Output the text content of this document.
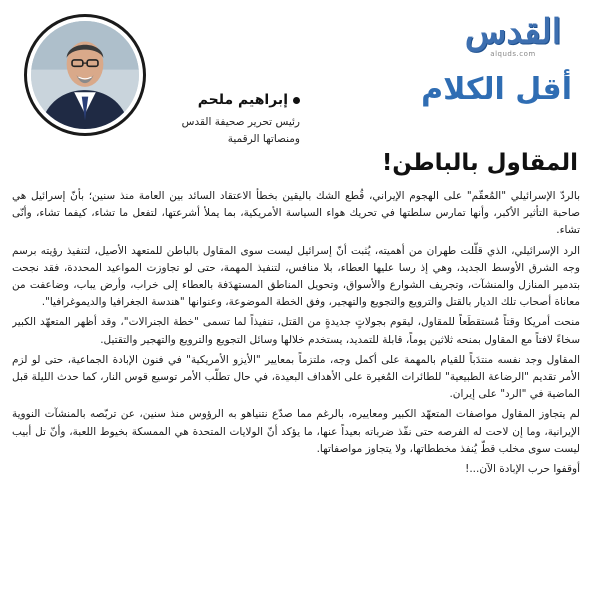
إبراهيم ملحم
رئيس تحرير صحيفة القدس ومنصاتها الرقمية
القدس
alquds.com
أقل الكلام
المقاول بالباطن!

بالردّ الإسرائيلي "المُعقّم" على الهجوم الإيراني، قُطع الشك باليقين بخطأ الاعتقاد السائد بين العامة منذ سنين؛ بأنّ إسرائيل هي صاحبة التأثير الأكبر، وأنها تمارس سلطتها في تحريك هواء السياسة الأمريكية، بما يملأ أشرعتها، لتفعل ما تشاء، كيفما تشاء، وأنّى تشاء.

الرد الإسرائيلي، الذي قلّلت طهران من أهميته، يُثبت أنّ إسرائيل ليست سوى المقاول بالباطن للمتعهد الأصيل، لتنفيذ رؤيته برسم وجه الشرق الأوسط الجديد، وهي إذ رسا عليها العطاء، بلا منافس، لتنفيذ المهمة، حتى لو تجاوزت المواعيد المحددة، فقد نجحت بتدمير المنازل والمنشآت، وتجريف الشوارع والأسواق، وتحويل المناطق المستهدَفة بالعطاء إلى خراب، وأرض يباب، وضاعفت من معاناة أصحاب تلك الديار بالقتل والترويع والتجويع والتهجير، وفق الخطة الموضوعة، وعنوانها "هندسة الجغرافيا والديموغرافيا".

منحت أمريكا وقتاً مُستقطَعاً للمقاول، ليقوم بجولاتٍ جديدةٍ من القتل، تنفيذاً لما تسمى "خطة الجنرالات"، وقد أظهر المتعهّد الكبير سخاءً لافتاً مع المقاول بمنحه ثلاثين يوماً، قابلة للتمديد، يستخدم خلالها وسائل التجويع والترويع والتهجير والتقتيل.

المقاول وجد نفسه منتدَباً للقيام بالمهمة على أكمل وجه، ملتزماً بمعايير "الأيزو الأمريكية" في فنون الإبادة الجماعية، حتى لو لزم الأمر تقديم "الرضاعة الطبيعية" للطائرات المُغيرة على الأهداف البعيدة، في حال تطلّب الأمر توسيع قوس النار، كما حدث الليلة قبل الماضية في "الرد" على إيران.

لم يتجاوز المقاول مواصفات المتعهّد الكبير ومعاييره، بالرغم مما صدّع نتنياهو به الرؤوس منذ سنين، عن تربّصه بالمنشآت النووية الإيرانية، وما إن لاحت له الفرصه حتى نفّذ ضرباته بعيداً عنها، ما يؤكد أنّ الولايات المتحدة هي الممسكة بخيوط اللعبة، وأنّ تل أبيب ليست سوى مخلب قطّ يُنفذ مخططاتها، ولا يتجاوز مواصفاتها.

أوقفوا حرب الإبادة الآن...!
